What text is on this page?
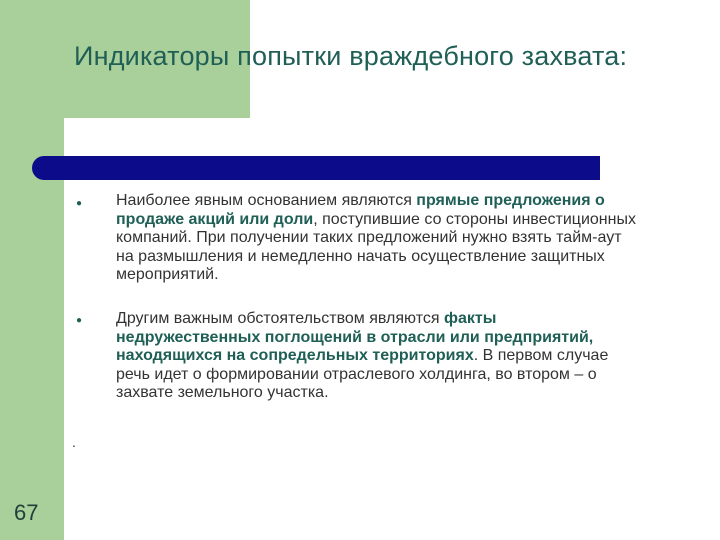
Индикаторы попытки враждебного захвата:
● Наиболее явным основанием являются прямые предложения о продаже акций или доли, поступившие со стороны инвестиционных компаний. При получении таких предложений нужно взять тайм-аут на размышления и немедленно начать осуществление защитных мероприятий.

● Другим важным обстоятельством являются факты недружественных поглощений в отрасли или предприятий, находящихся на сопредельных территориях. В первом случае речь идет о формировании отраслевого холдинга, во втором – о захвате земельного участка.

.
67
